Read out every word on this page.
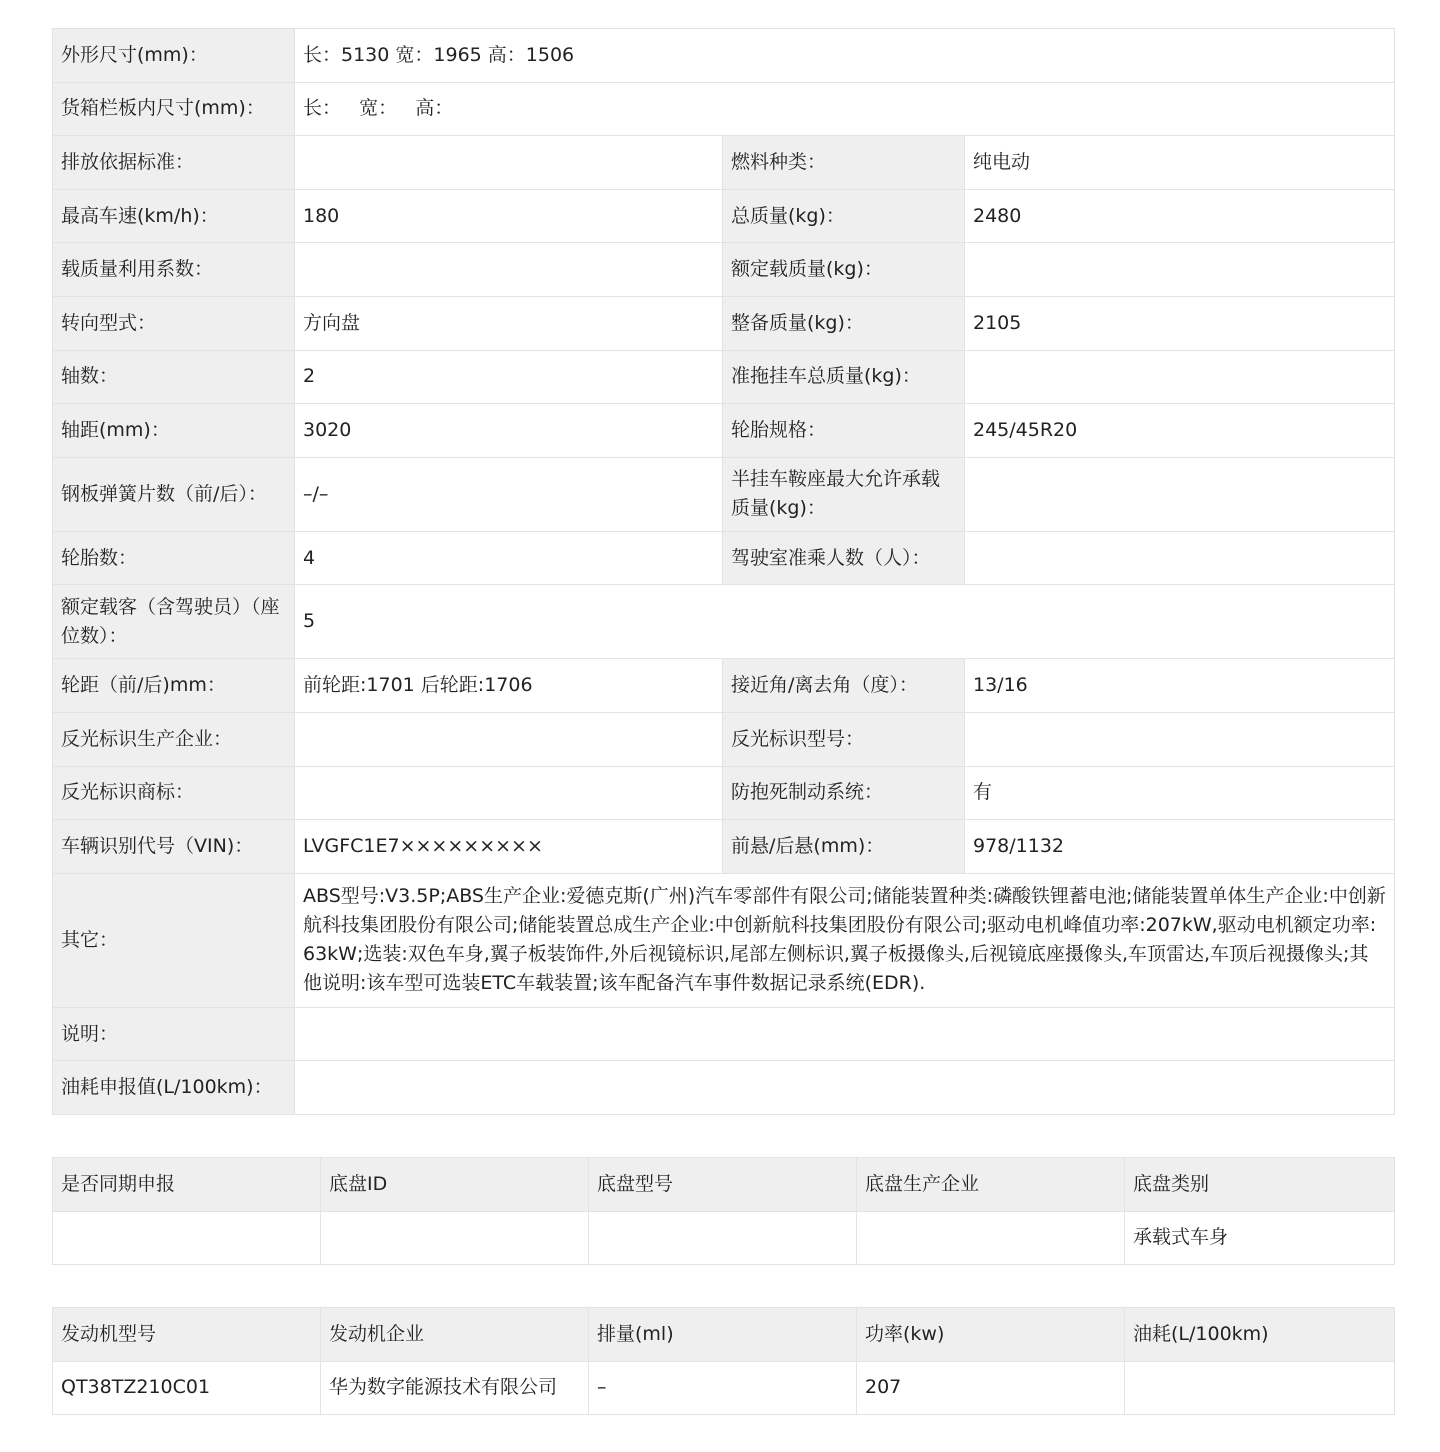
外形尺寸(mm)：	长：5130 宽：1965 高：1506		
货箱栏板内尺寸(mm)：	长：   宽：   高：		
排放依据标准：		燃料种类：	纯电动
最高车速(km/h)：	180	总质量(kg)：	2480
载质量利用系数：		额定载质量(kg)：	
转向型式：	方向盘	整备质量(kg)：	2105
轴数：	2	准拖挂车总质量(kg)：	
轴距(mm)：	3020	轮胎规格：	245/45R20
钢板弹簧片数（前/后）：	–/–	半挂车鞍座最大允许承载质量(kg)：	
轮胎数：	4	驾驶室准乘人数（人）：	
额定载客（含驾驶员）（座位数）：	5		
轮距（前/后)mm：	前轮距:1701 后轮距:1706	接近角/离去角（度）：	13/16
反光标识生产企业：		反光标识型号：	
反光标识商标：		防抱死制动系统：	有
车辆识别代号（VIN)：	LVGFC1E7×××××××××	前悬/后悬(mm)：	978/1132
其它：	ABS型号:V3.5P;ABS生产企业:爱德克斯(广州)汽车零部件有限公司;储能装置种类:磷酸铁锂蓄电池;储能装置单体生产企业:中创新航科技集团股份有限公司;储能装置总成生产企业:中创新航科技集团股份有限公司;驱动电机峰值功率:207kW,驱动电机额定功率:63kW;选装:双色车身,翼子板装饰件,外后视镜标识,尾部左侧标识,翼子板摄像头,后视镜底座摄像头,车顶雷达,车顶后视摄像头;其他说明:该车型可选装ETC车载装置;该车配备汽车事件数据记录系统(EDR).		
说明：			
油耗申报值(L/100km)：			
是否同期申报	底盘ID	底盘型号	底盘生产企业	底盘类别
				承载式车身
发动机型号	发动机企业	排量(ml)	功率(kw)	油耗(L/100km)
QT38TZ210C01	华为数字能源技术有限公司	–	207	
